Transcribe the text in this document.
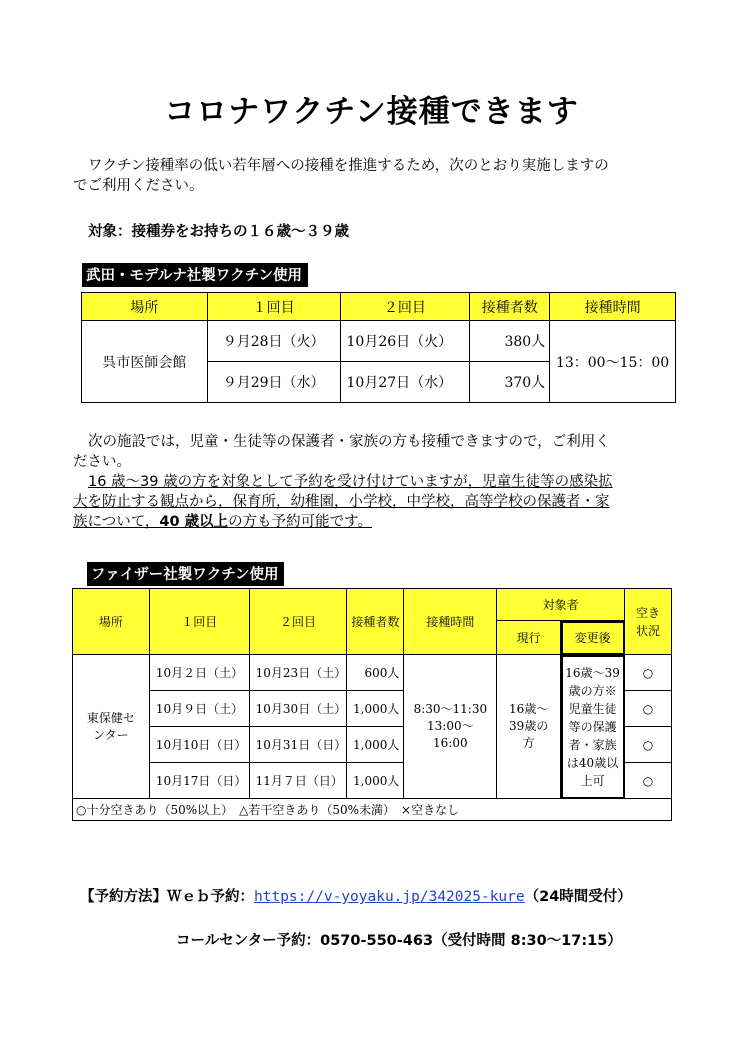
コロナワクチン接種できます
ワクチン接種率の低い若年層への接種を推進するため，次のとおり実施しますの
でご利用ください。
対象：接種券をお持ちの１６歳～３９歳
武田・モデルナ社製ワクチン使用
場所	１回目	２回目	接種者数	接種時間
呉市医師会館	９月28日（火）	10月26日（火）	380人	13：00～15：00
	９月29日（水）	10月27日（水）	370人	
次の施設では，児童・生徒等の保護者・家族の方も接種できますので，ご利用く
ださい。
16 歳～39 歳の方を対象として予約を受け付けていますが，児童生徒等の感染拡
大を防止する観点から，保育所，幼稚園，小学校，中学校，高等学校の保護者・家
族について，40 歳以上の方も予約可能です。
ファイザー社製ワクチン使用
場所	１回目	２回目	接種者数	接種時間	対象者		空き状況
					現行	変更後	
東保健センター	10月２日（土）	10月23日（土）	600人	8:30～11:30 13:00～16:00	16歳～39歳の方	16歳～39歳の方※児童生徒等の保護者・家族は40歳以上可	○
	10月９日（土）	10月30日（土）	1,000人				○
	10月10日（日）	10月31日（日）	1,000人				○
	10月17日（日）	11月７日（日）	1,000人				○
○十分空きあり（50%以上）　△若干空きあり（50%未満）　×空きなし							
【予約方法】Ｗｅｂ予約：https://v-yoyaku.jp/342025-kure（24時間受付）
コールセンター予約：0570-550-463（受付時間 8:30～17:15）
